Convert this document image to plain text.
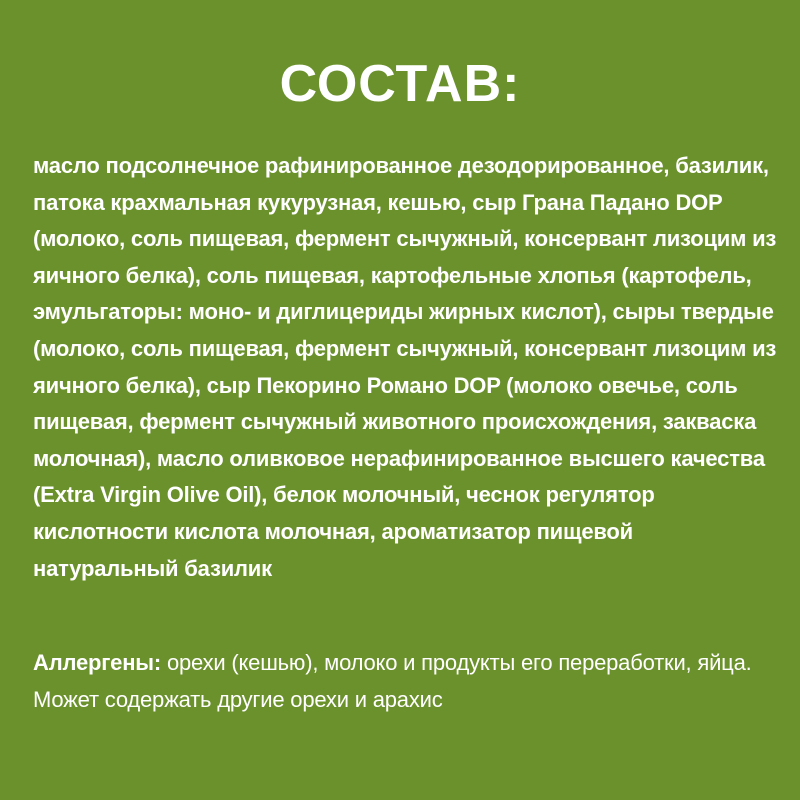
СОСТАВ:

масло подсолнечное рафинированное дезодорированное, базилик, патока крахмальная кукурузная, кешью, сыр Грана Падано DOP (молоко, соль пищевая, фермент сычужный, консервант лизоцим из яичного белка), соль пищевая, картофельные хлопья (картофель, эмульгаторы: моно- и диглицериды жирных кислот), сыры твердые (молоко, соль пищевая, фермент сычужный, консервант лизоцим из яичного белка), сыр Пекорино Романо DOP (молоко овечье, соль пищевая, фермент сычужный животного происхождения, закваска молочная), масло оливковое нерафинированное высшего качества (Extra Virgin Olive Oil), белок молочный, чеснок регулятор кислотности кислота молочная, ароматизатор пищевой натуральный базилик

Аллергены: орехи (кешью), молоко и продукты его переработки, яйца. Может содержать другие орехи и арахис
